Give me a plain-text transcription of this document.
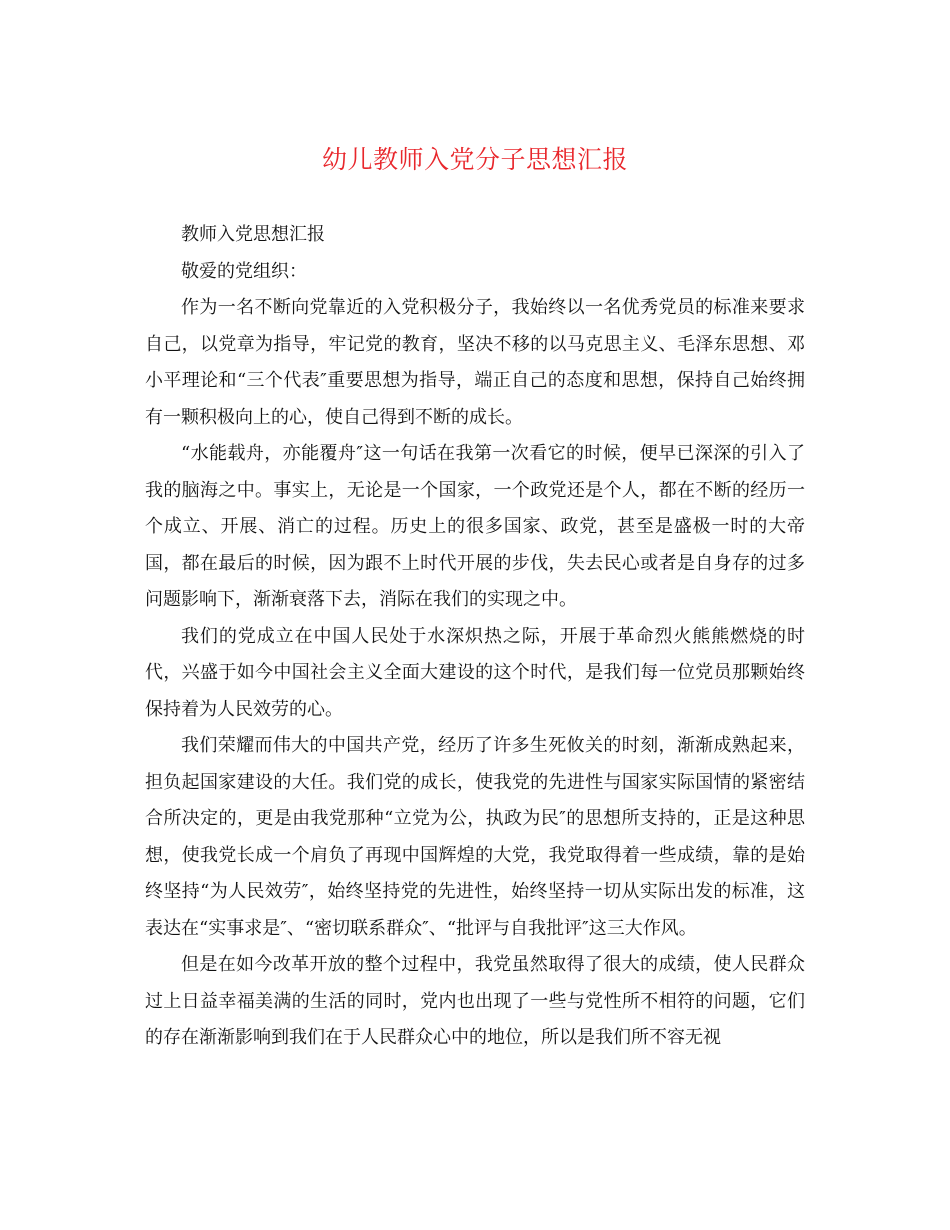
幼儿教师入党分子思想汇报

教师入党思想汇报

敬爱的党组织：

作为一名不断向党靠近的入党积极分子，我始终以一名优秀党员的标准来要求自己，以党章为指导，牢记党的教育，坚决不移的以马克思主义、毛泽东思想、邓小平理论和“三个代表″重要思想为指导，端正自己的态度和思想，保持自己始终拥有一颗积极向上的心，使自己得到不断的成长。

“水能载舟，亦能覆舟″这一句话在我第一次看它的时候，便早已深深的引入了我的脑海之中。事实上，无论是一个国家，一个政党还是个人，都在不断的经历一个成立、开展、消亡的过程。历史上的很多国家、政党，甚至是盛极一时的大帝国，都在最后的时候，因为跟不上时代开展的步伐，失去民心或者是自身存的过多问题影响下，渐渐衰落下去，消际在我们的实现之中。

我们的党成立在中国人民处于水深炽热之际，开展于革命烈火熊熊燃烧的时代，兴盛于如今中国社会主义全面大建设的这个时代，是我们每一位党员那颗始终保持着为人民效劳的心。

我们荣耀而伟大的中国共产党，经历了许多生死攸关的时刻，渐渐成熟起来，担负起国家建设的大任。我们党的成长，使我党的先进性与国家实际国情的紧密结合所决定的，更是由我党那种“立党为公，执政为民″的思想所支持的，正是这种思想，使我党长成一个肩负了再现中国辉煌的大党，我党取得着一些成绩，靠的是始终坚持“为人民效劳″，始终坚持党的先进性，始终坚持一切从实际出发的标准，这表达在“实事求是″、“密切联系群众″、“批评与自我批评″这三大作风。

但是在如今改革开放的整个过程中，我党虽然取得了很大的成绩，使人民群众过上日益幸福美满的生活的同时，党内也出现了一些与党性所不相符的问题，它们的存在渐渐影响到我们在于人民群众心中的地位，所以是我们所不容无视
